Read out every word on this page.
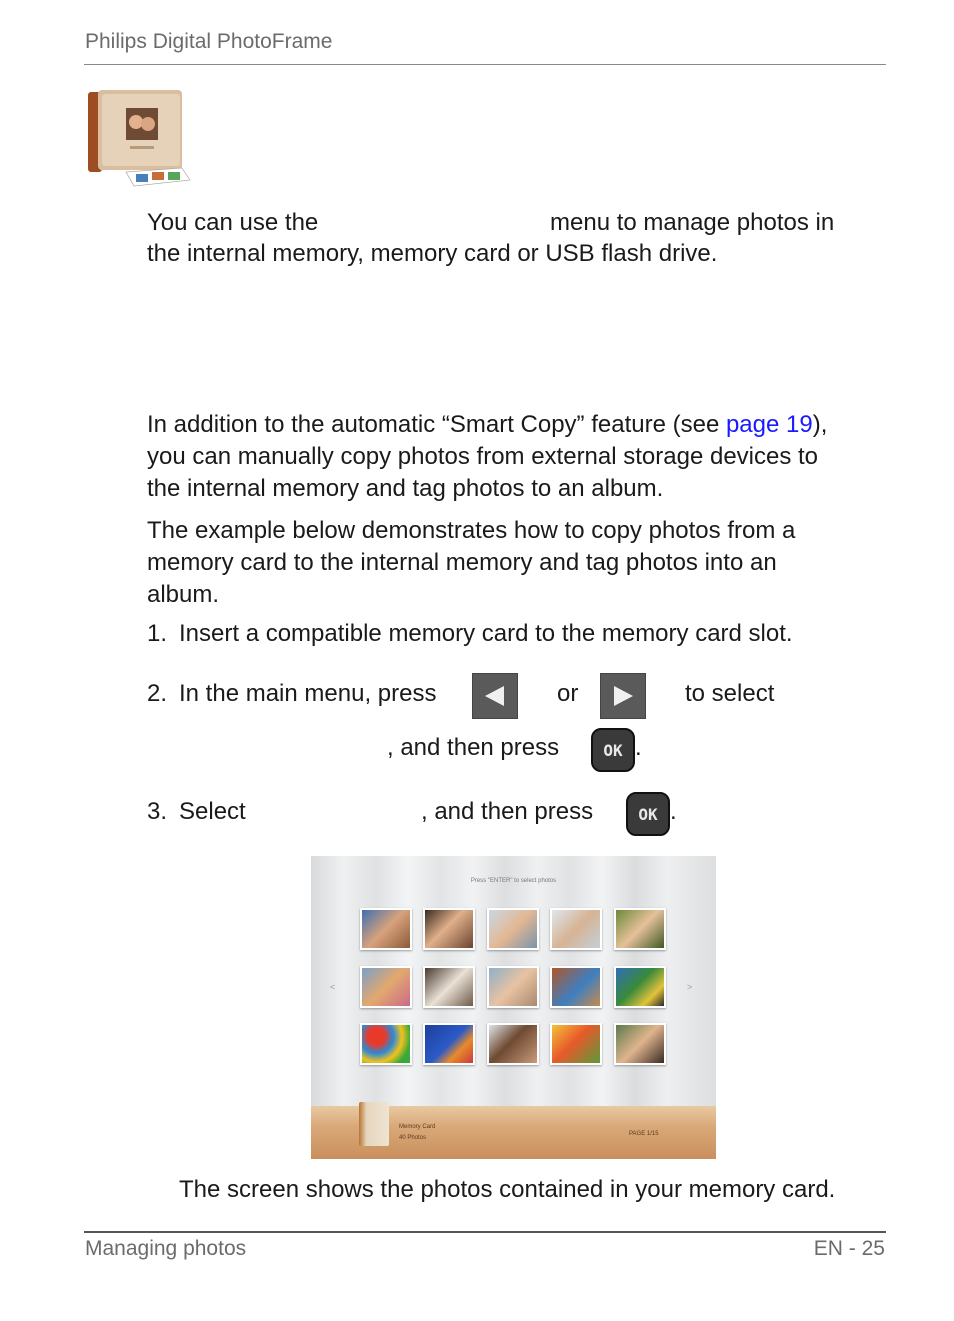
Philips Digital PhotoFrame
You can use the	menu to manage photos in
the internal memory, memory card or USB flash drive.
In addition to the automatic “Smart Copy” feature (see page 19),
you can manually copy photos from external storage devices to
the internal memory and tag photos to an album.
The example below demonstrates how to copy photos from a
memory card to the internal memory and tag photos into an
album.
1. Insert a compatible memory card to the memory card slot.
2. In the main menu, press	or	to select
, and then press	OK .
3. Select	, and then press	OK .
Press "ENTER" to select photos
<	>
Memory Card
40 Photos
PAGE 1/15
The screen shows the photos contained in your memory card.
Managing photos	EN - 25
